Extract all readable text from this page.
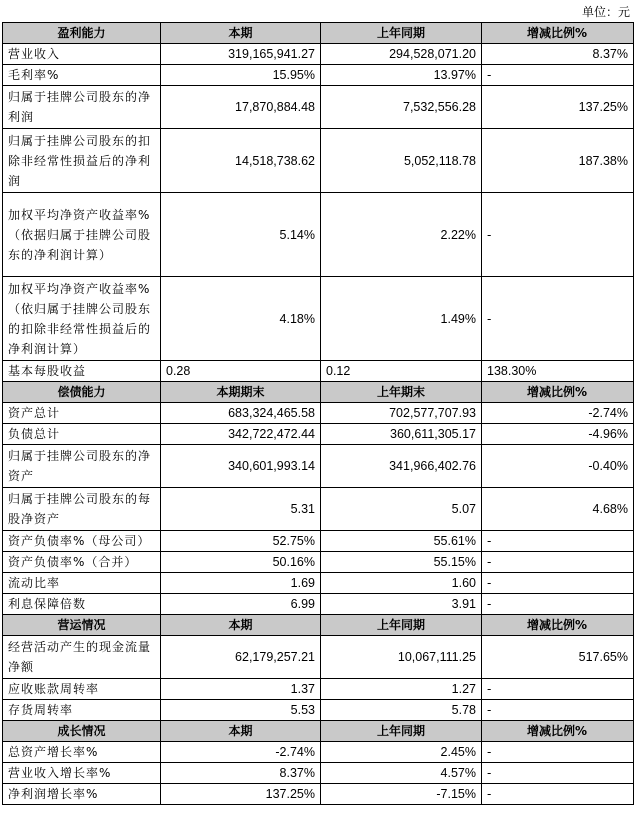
单位：元
盈利能力	本期	上年同期	增减比例%
营业收入	319,165,941.27	294,528,071.20	8.37%
毛利率%	15.95%	13.97%	-
归属于挂牌公司股东的净利润	17,870,884.48	7,532,556.28	137.25%
归属于挂牌公司股东的扣除非经常性损益后的净利润	14,518,738.62	5,052,118.78	187.38%
加权平均净资产收益率%（依据归属于挂牌公司股东的净利润计算）	5.14%	2.22%	-
加权平均净资产收益率%（依归属于挂牌公司股东的扣除非经常性损益后的净利润计算）	4.18%	1.49%	-
基本每股收益	0.28	0.12	138.30%
偿债能力	本期期末	上年期末	增减比例%
资产总计	683,324,465.58	702,577,707.93	-2.74%
负债总计	342,722,472.44	360,611,305.17	-4.96%
归属于挂牌公司股东的净资产	340,601,993.14	341,966,402.76	-0.40%
归属于挂牌公司股东的每股净资产	5.31	5.07	4.68%
资产负债率%（母公司）	52.75%	55.61%	-
资产负债率%（合并）	50.16%	55.15%	-
流动比率	1.69	1.60	-
利息保障倍数	6.99	3.91	-
营运情况	本期	上年同期	增减比例%
经营活动产生的现金流量净额	62,179,257.21	10,067,111.25	517.65%
应收账款周转率	1.37	1.27	-
存货周转率	5.53	5.78	-
成长情况	本期	上年同期	增减比例%
总资产增长率%	-2.74%	2.45%	-
营业收入增长率%	8.37%	4.57%	-
净利润增长率%	137.25%	-7.15%	-
